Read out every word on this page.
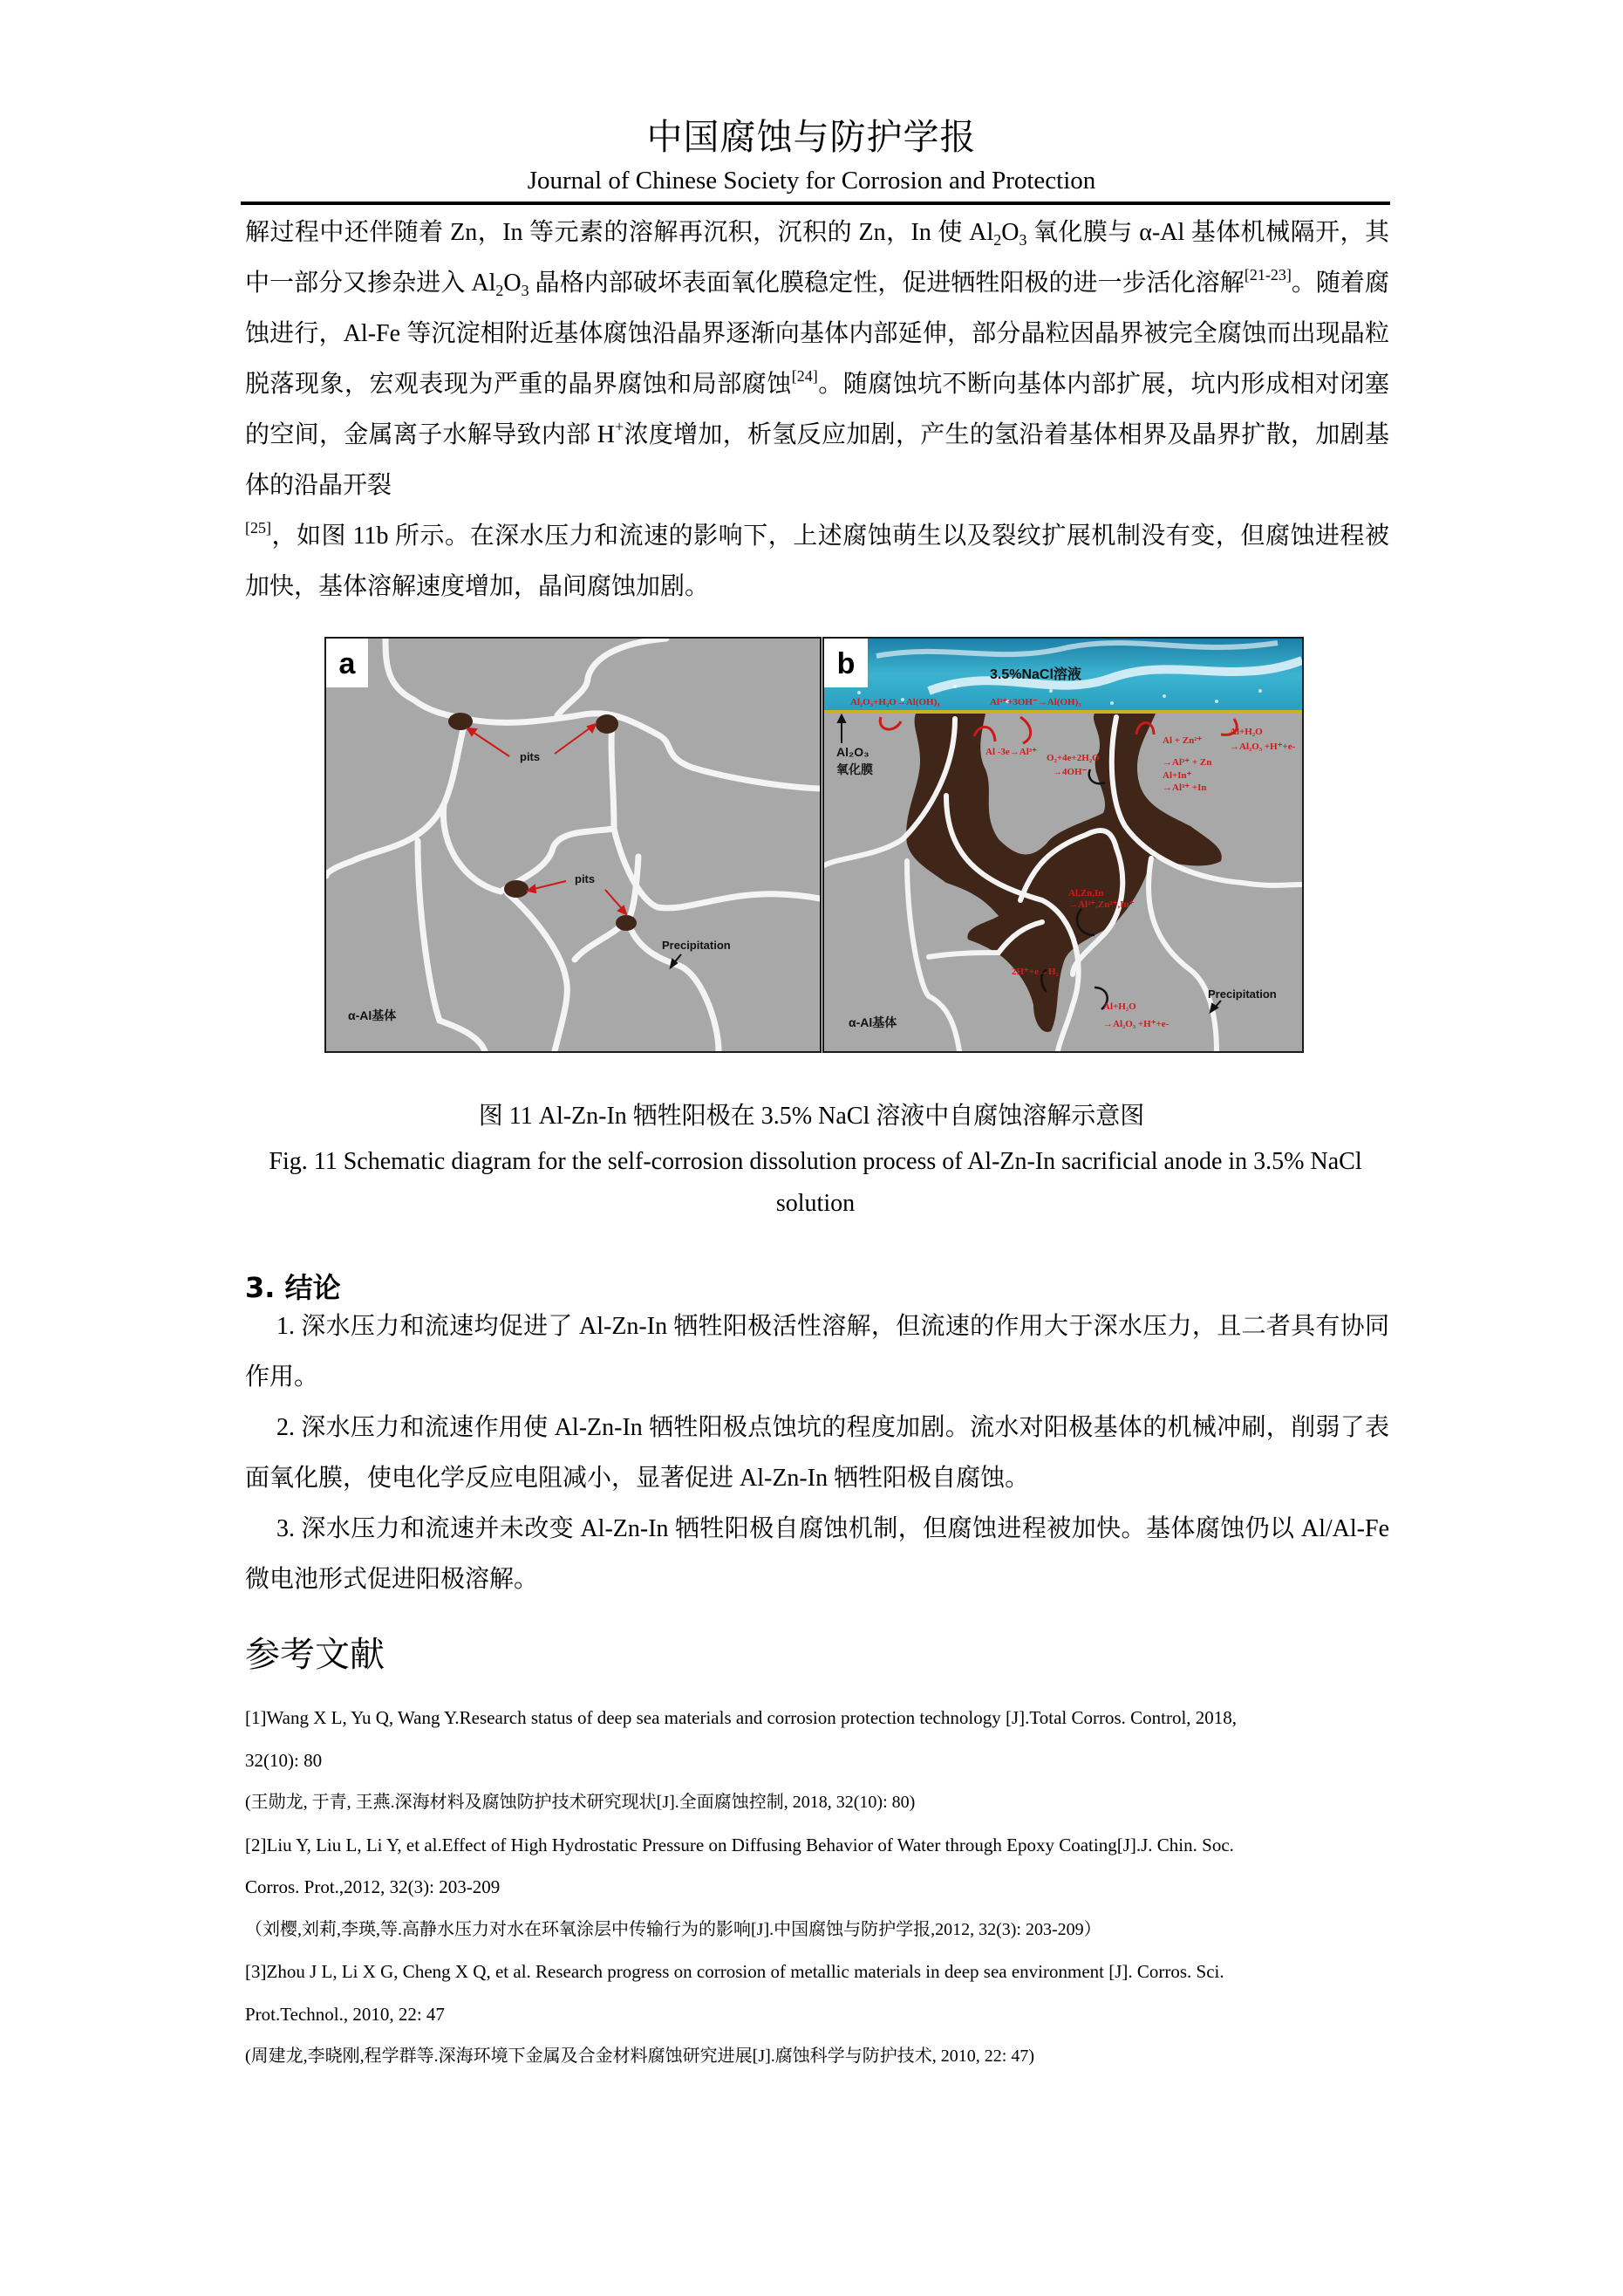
中国腐蚀与防护学报
Journal of Chinese Society for Corrosion and Protection
解过程中还伴随着 Zn，In 等元素的溶解再沉积，沉积的 Zn，In 使 $Al_2O_3$ 氧化膜与 α-Al 基体机械隔开，其中一部分又掺杂进入 $Al_2O_3$ 晶格内部破坏表面氧化膜稳定性，促进牺牲阳极的进一步活化溶解[21-23]。随着腐蚀进行，Al-Fe 等沉淀相附近基体腐蚀沿晶界逐渐向基体内部延伸，部分晶粒因晶界被完全腐蚀而出现晶粒脱落现象，宏观表现为严重的晶界腐蚀和局部腐蚀[24]。随腐蚀坑不断向基体内部扩展，坑内形成相对闭塞的空间，金属离子水解导致内部 H+浓度增加，析氢反应加剧，产生的氢沿着基体相界及晶界扩散，加剧基体的沿晶开裂
[25]，如图 11b 所示。在深水压力和流速的影响下，上述腐蚀萌生以及裂纹扩展机制没有变，但腐蚀进程被加快，基体溶解速度增加，晶间腐蚀加剧。
a
pits
pits
Precipitation
α-Al基体
b	3.5%NaCl溶液
Al₂O₃
氧化膜
Al₂O₃+H₂O→Al(OH)₃	Al³⁺+3OH⁻→Al(OH)₃
Al -3e→Al³⁺
O₂+4e+2H₂O
→4OH⁻
Al + Zn²⁺
→Al³⁺ + Zn
Al+In⁺
→Al³⁺ +In
Al+H₂O
→Al₂O₃ +H⁺+e-
Al,Zn,In
→Al³⁺,Zn²⁺,In⁺
2H⁺+e→H₂
Al+H₂O
→Al₂O₃ +H⁺+e-
Precipitation
α-Al基体
图 11 Al-Zn-In 牺牲阳极在 3.5% NaCl 溶液中自腐蚀溶解示意图
Fig. 11 Schematic diagram for the self-corrosion dissolution process of Al-Zn-In sacrificial anode in 3.5% NaCl solution
3. 结论

1. 深水压力和流速均促进了 Al-Zn-In 牺牲阳极活性溶解，但流速的作用大于深水压力，且二者具有协同作用。

2. 深水压力和流速作用使 Al-Zn-In 牺牲阳极点蚀坑的程度加剧。流水对阳极基体的机械冲刷，削弱了表面氧化膜，使电化学反应电阻减小，显著促进 Al-Zn-In 牺牲阳极自腐蚀。

3. 深水压力和流速并未改变 Al-Zn-In 牺牲阳极自腐蚀机制，但腐蚀进程被加快。基体腐蚀仍以 Al/Al-Fe 微电池形式促进阳极溶解。

参考文献
[1]Wang X L, Yu Q, Wang Y.Research status of deep sea materials and corrosion protection technology [J].Total Corros. Control, 2018,
32(10): 80
(王勋龙, 于青, 王燕.深海材料及腐蚀防护技术研究现状[J].全面腐蚀控制, 2018, 32(10): 80)
[2]Liu Y, Liu L, Li Y, et al.Effect of High Hydrostatic Pressure on Diffusing Behavior of Water through Epoxy Coating[J].J. Chin. Soc.
Corros. Prot.,2012, 32(3): 203-209
（刘樱,刘莉,李瑛,等.高静水压力对水在环氧涂层中传输行为的影响[J].中国腐蚀与防护学报,2012, 32(3): 203-209）
[3]Zhou J L, Li X G, Cheng X Q, et al. Research progress on corrosion of metallic materials in deep sea environment [J]. Corros. Sci.
Prot.Technol., 2010, 22: 47
(周建龙,李晓刚,程学群等.深海环境下金属及合金材料腐蚀研究进展[J].腐蚀科学与防护技术, 2010, 22: 47)
